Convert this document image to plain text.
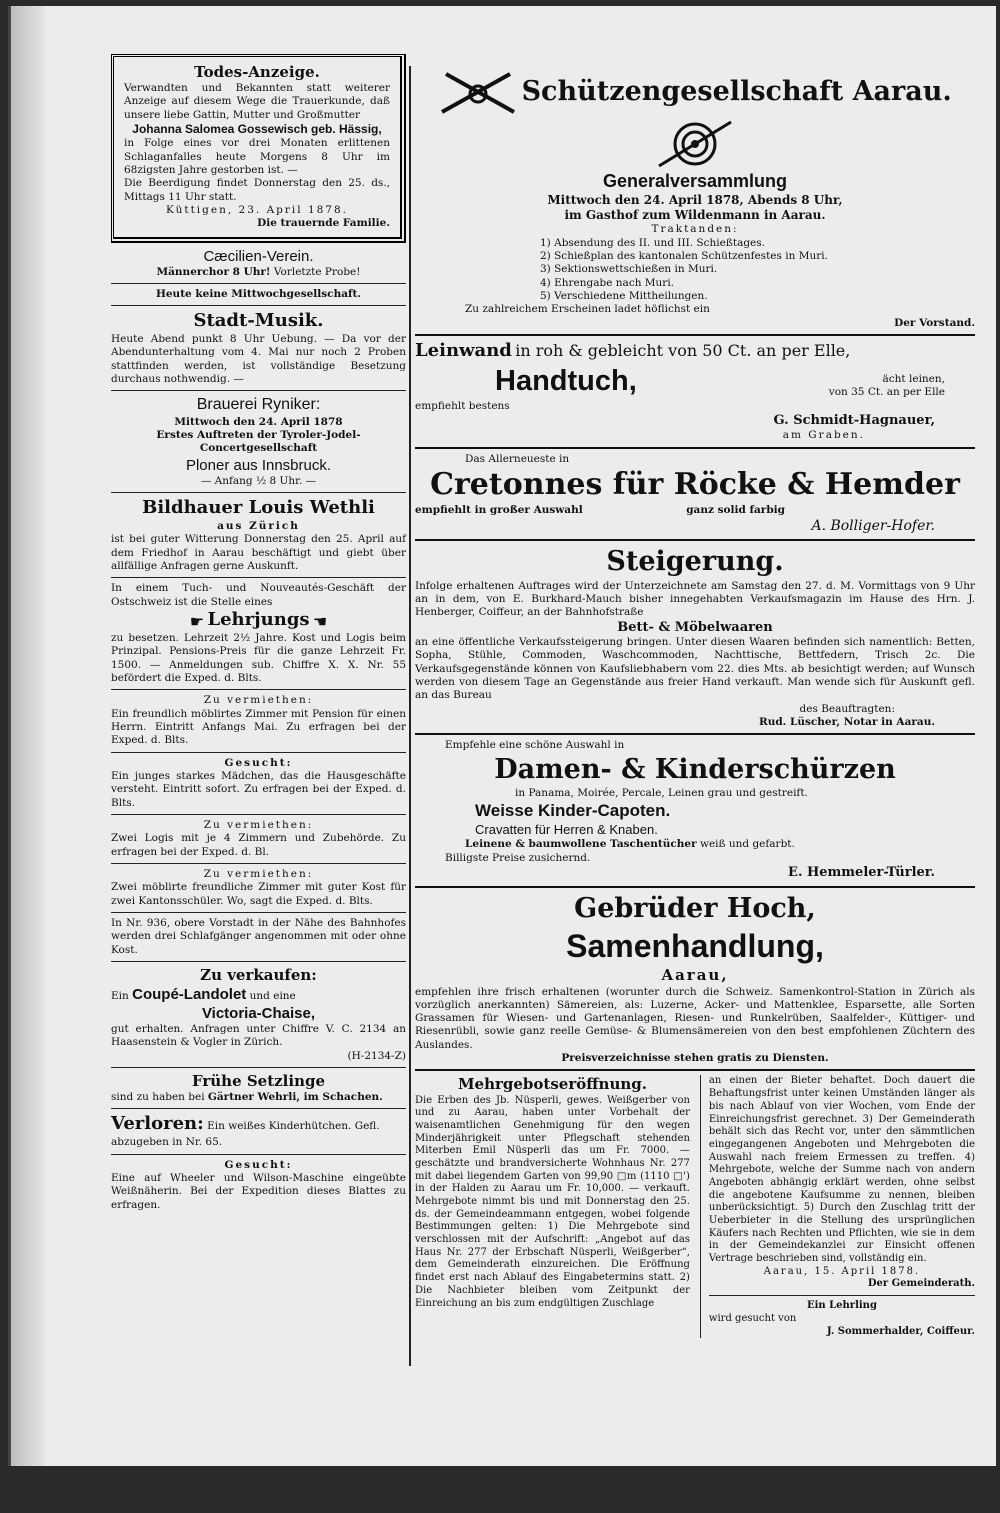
Todes-Anzeige.
Verwandten und Bekannten statt weiterer Anzeige auf diesem Wege die Trauerkunde, daß unsere liebe Gattin, Mutter und Großmutter
Johanna Salomea Gossewisch geb. Hässig,
in Folge eines vor drei Monaten erlittenen Schlaganfalles heute Morgens 8 Uhr im 68zigsten Jahre gestorben ist. —
Die Beerdigung findet Donnerstag den 25. ds., Mittags 11 Uhr statt.
Küttigen, 23. April 1878.
Die trauernde Familie.
Cæcilien-Verein.
Männerchor 8 Uhr! Vorletzte Probe!
Heute keine Mittwochgesellschaft.
Stadt-Musik.
Heute Abend punkt 8 Uhr Uebung. — Da vor der Abendunterhaltung vom 4. Mai nur noch 2 Proben stattfinden werden, ist vollständige Besetzung durchaus nothwendig. —
Brauerei Ryniker:
Mittwoch den 24. April 1878
Erstes Auftreten der Tyroler-Jodel-Concertgesellschaft
Ploner aus Innsbruck.
— Anfang ½ 8 Uhr. —
Bildhauer Louis Wethli
aus Zürich
ist bei guter Witterung Donnerstag den 25. April auf dem Friedhof in Aarau beschäftigt und giebt über allfällige Anfragen gerne Auskunft.
In einem Tuch- und Nouveautés-Geschäft der Ostschweiz ist die Stelle eines
☛ Lehrjungs ☚
zu besetzen. Lehrzeit 2½ Jahre. Kost und Logis beim Prinzipal. Pensions-Preis für die ganze Lehrzeit Fr. 1500. — Anmeldungen sub. Chiffre X. X. Nr. 55 befördert die Exped. d. Blts.
Zu vermiethen:
Ein freundlich möblirtes Zimmer mit Pension für einen Herrn. Eintritt Anfangs Mai. Zu erfragen bei der Exped. d. Blts.
Gesucht:
Ein junges starkes Mädchen, das die Hausgeschäfte versteht. Eintritt sofort. Zu erfragen bei der Exped. d. Blts.
Zu vermiethen:
Zwei Logis mit je 4 Zimmern und Zubehörde. Zu erfragen bei der Exped. d. Bl.
Zu vermiethen:
Zwei möblirte freundliche Zimmer mit guter Kost für zwei Kantonsschüler. Wo, sagt die Exped. d. Blts.
In Nr. 936, obere Vorstadt in der Nähe des Bahnhofes werden drei Schlafgänger angenommen mit oder ohne Kost.
Zu verkaufen:
Ein Coupé-Landolet und eine
Victoria-Chaise,
gut erhalten. Anfragen unter Chiffre V. C. 2134 an Haasenstein & Vogler in Zürich.
(H-2134-Z)
Frühe Setzlinge
sind zu haben bei Gärtner Wehrli, im Schachen.
Verloren: Ein weißes Kinderhütchen. Gefl. abzugeben in Nr. 65.
Gesucht:
Eine auf Wheeler und Wilson-Maschine eingeübte Weißnäherin. Bei der Expedition dieses Blattes zu erfragen.
Schützengesellschaft Aarau.
Generalversammlung
Mittwoch den 24. April 1878, Abends 8 Uhr,
im Gasthof zum Wildenmann in Aarau.
Traktanden:
1) Absendung des II. und III. Schießtages.
2) Schießplan des kantonalen Schützenfestes in Muri.
3) Sektionswettschießen in Muri.
4) Ehrengabe nach Muri.
5) Verschiedene Mittheilungen.
Zu zahlreichem Erscheinen ladet höflichst ein
Der Vorstand.
Leinwand in roh & gebleicht von 50 Ct. an per Elle,
Handtuch,	ächt leinen,
von 35 Ct. an per Elle
empfiehlt bestens
G. Schmidt-Hagnauer,
am Graben.
Das Allerneueste in
Cretonnes für Röcke & Hemder
empfiehlt in großer Auswahl	ganz solid farbig
A. Bolliger-Hofer.
Steigerung.
Infolge erhaltenen Auftrages wird der Unterzeichnete am Samstag den 27. d. M. Vormittags von 9 Uhr an in dem, von E. Burkhard-Mauch bisher innegehabten Verkaufsmagazin im Hause des Hrn. J. Henberger, Coiffeur, an der Bahnhofstraße
Bett- & Möbelwaaren
an eine öffentliche Verkaufssteigerung bringen. Unter diesen Waaren befinden sich namentlich: Betten, Sopha, Stühle, Commoden, Waschcommoden, Nachttische, Bettfedern, Trisch 2c. Die Verkaufsgegenstände können von Kaufsliebhabern vom 22. dies Mts. ab besichtigt werden; auf Wunsch werden von diesem Tage an Gegenstände aus freier Hand verkauft. Man wende sich für Auskunft gefl. an das Bureau
des Beauftragten:
Rud. Lüscher, Notar in Aarau.
Empfehle eine schöne Auswahl in
Damen- & Kinderschürzen
in Panama, Moirée, Percale, Leinen grau und gestreift.
Weisse Kinder-Capoten.
Cravatten für Herren & Knaben.
Leinene & baumwollene Taschentücher weiß und gefarbt.
Billigste Preise zusichernd.
E. Hemmeler-Türler.
Gebrüder Hoch,
Samenhandlung,
Aarau,
empfehlen ihre frisch erhaltenen (worunter durch die Schweiz. Samenkontrol-Station in Zürich als vorzüglich anerkannten) Sämereien, als: Luzerne, Acker- und Mattenklee, Esparsette, alle Sorten Grassamen für Wiesen- und Gartenanlagen, Riesen- und Runkelrüben, Saalfelder-, Küttiger- und Riesenrübli, sowie ganz reelle Gemüse- & Blumensämereien von den best empfohlenen Züchtern des Auslandes.
Preisverzeichnisse stehen gratis zu Diensten.
Mehrgebotseröffnung.
Die Erben des Jb. Nüsperli, gewes. Weißgerber von und zu Aarau, haben unter Vorbehalt der waisenamtlichen Genehmigung für den wegen Minderjährigkeit unter Pflegschaft stehenden Miterben Emil Nüsperli das um Fr. 7000. — geschätzte und brandversicherte Wohnhaus Nr. 277 mit dabei liegendem Garten von 99,90 □m (1110 □') in der Halden zu Aarau um Fr. 10,000. — verkauft. Mehrgebote nimmt bis und mit Donnerstag den 25. ds. der Gemeindeammann entgegen, wobei folgende Bestimmungen gelten: 1) Die Mehrgebote sind verschlossen mit der Aufschrift: „Angebot auf das Haus Nr. 277 der Erbschaft Nüsperli, Weißgerber“, dem Gemeinderath einzureichen. Die Eröffnung findet erst nach Ablauf des Eingabetermins statt. 2) Die Nachbieter bleiben vom Zeitpunkt der Einreichung an bis zum endgültigen Zuschlage
an einen der Bieter behaftet. Doch dauert die Behaftungsfrist unter keinen Umständen länger als bis nach Ablauf von vier Wochen, vom Ende der Einreichungsfrist gerechnet. 3) Der Gemeinderath behält sich das Recht vor, unter den sämmtlichen eingegangenen Angeboten und Mehrgeboten die Auswahl nach freiem Ermessen zu treffen. 4) Mehrgebote, welche der Summe nach von andern Angeboten abhängig erklärt werden, ohne selbst die angebotene Kaufsumme zu nennen, bleiben unberücksichtigt. 5) Durch den Zuschlag tritt der Ueberbieter in die Stellung des ursprünglichen Käufers nach Rechten und Pflichten, wie sie in dem in der Gemeindekanzlei zur Einsicht offenen Vertrage beschrieben sind, vollständig ein.
Aarau, 15. April 1878.
Der Gemeinderath.
Ein Lehrling
wird gesucht von
J. Sommerhalder, Coiffeur.
